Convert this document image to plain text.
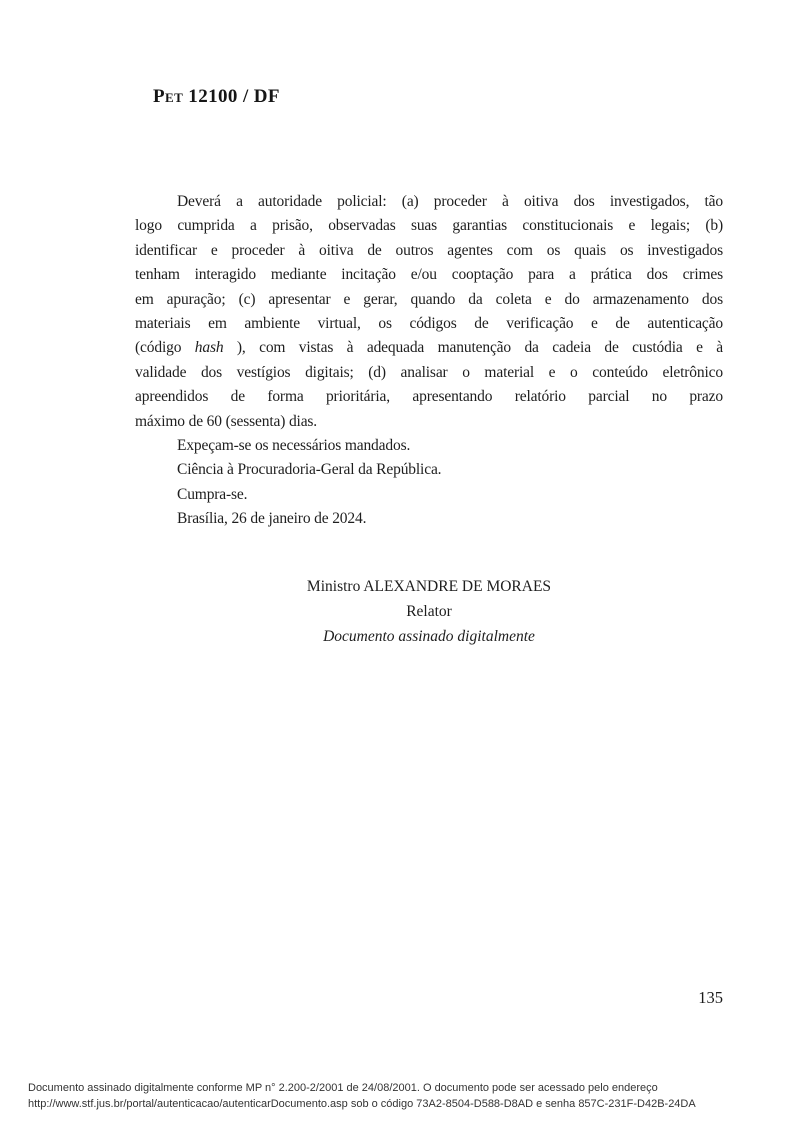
Pet 12100 / DF
Deverá a autoridade policial: (a) proceder à oitiva dos investigados, tão
logo cumprida a prisão, observadas suas garantias constitucionais e legais; (b)
identificar e proceder à oitiva de outros agentes com os quais os investigados
tenham interagido mediante incitação e/ou cooptação para a prática dos crimes
em apuração; (c) apresentar e gerar, quando da coleta e do armazenamento dos
materiais em ambiente virtual, os códigos de verificação e de autenticação
(código hash ), com vistas à adequada manutenção da cadeia de custódia e à
validade dos vestígios digitais; (d) analisar o material e o conteúdo eletrônico
apreendidos de forma prioritária, apresentando relatório parcial no prazo
máximo de 60 (sessenta) dias.
Expeçam-se os necessários mandados.
Ciência à Procuradoria-Geral da República.
Cumpra-se.
Brasília, 26 de janeiro de 2024.
Ministro ALEXANDRE DE MORAES
Relator
Documento assinado digitalmente
135
Documento assinado digitalmente conforme MP n° 2.200-2/2001 de 24/08/2001. O documento pode ser acessado pelo endereço
http://www.stf.jus.br/portal/autenticacao/autenticarDocumento.asp sob o código 73A2-8504-D588-D8AD e senha 857C-231F-D42B-24DA
